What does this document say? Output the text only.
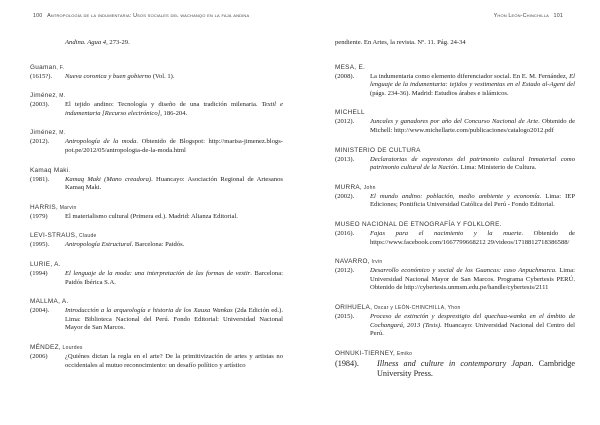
100 Antropología de la indumentaria: Usos sociales del wachanqo en la faja andina
Andina. Agua 4, 273-29.
Guaman, F.
(1615?).	Nueva coronica y buen gobierno (Vol. 1).
Jiménez, M.
(2003).	El tejido andino: Tecnología y diseño de una tradición milenaria. Textil e indumentaria [Recurso electrónico], 186-204.
Jiménez, M.
(2012).	Antropología de la moda. Obtenido de Blogspot: http://marisa-jimenez.blogs-pot.pe/2012/05/antropologia-de-la-moda.html
Kamaq Maki.
(1981).	Kamaq Maki (Mano creadora). Huancayo: Asociación Regional de Artesanos Kamaq Maki.
HARRIS, Marvin
(1979)	El materialismo cultural (Primera ed.). Madrid: Alianza Editorial.
LEVI-STRAUS, Claude
(1995).	Antropología Estructural. Barcelona: Paidós.
LURIE, A.
(1994)	El lenguaje de la moda: una interpretación de las formas de vestir. Barcelona: Paidós Ibérica S.A.
MALLMA, A.
(2004).	Introducción a la arqueología e historia de los Xauxa Wankas (2da Edición ed.). Lima: Biblioteca Nacional del Perú. Fondo Editorial: Universidad Nacional Mayor de San Marcos.
MÉNDEZ, Lourdes
(2006)	¿Quiénes dictan la regla en el arte? De la primitivización de artes y artistas no occidentales al mutuo reconocimiento: un desafío político y artístico
Yhon León-Chinchilla 101
pendiente. En Artes, la revista. Nº. 11. Pág. 24-34
MESA, E.
(2008).	La indumentaria como elemento diferenciador social. En E. M. Fernández, El lenguaje de la indumentaria: tejidos y vestimentas en el Estado al-Ageni del (págs. 234-36). Madrid: Estudios árabes e islámicos.
MICHELL
(2012).	Juncales y ganadores por año del Concurso Nacional de Arte. Obtenido de Michell: http://www.michellarte.com/publicaciones/catalogo2012.pdf
MINISTERIO DE CULTURA
(2013).	Declaratorias de expresiones del patrimonio cultural Inmaterial como patrimonio cultural de la Nación. Lima: Ministerio de Cultura.
MURRA, John
(2002).	El mundo andino: población, medio ambiente y economía. Lima: IEP Ediciones; Pontificia Universidad Católica del Perú - Fondo Editorial.
MUSEO NACIONAL DE ETNOGRAFÍA Y FOLKLORE.
(2016).	Fajas para el nacimiento y la muerte. Obtenido de https://www.facebook.com/1667799668212 29/videos/1718812718386588/
NAVARRO, Irvin
(2012).	Desarrollo económico y social de los Guancas: caso Anpuchmarca. Lima: Universidad Nacional Mayor de San Marcos. Programa Cybertesis PERÚ. Obtenido de http://cybertesis.unmsm.edu.pe/handle/cybertesis/2111
ORIHUELA, Oscar y LEÓN-CHINCHILLA, Yhon
(2015).	Proceso de extinción y desprestigio del quechua-wanka en el ámbito de Cochangará, 2013 (Tesis). Huancayo: Universidad Nacional del Centro del Perú.
OHNUKI-TIERNEY, Emiko
(1984).	Illness and culture in contemporary Japan. Cambridge University Press.
